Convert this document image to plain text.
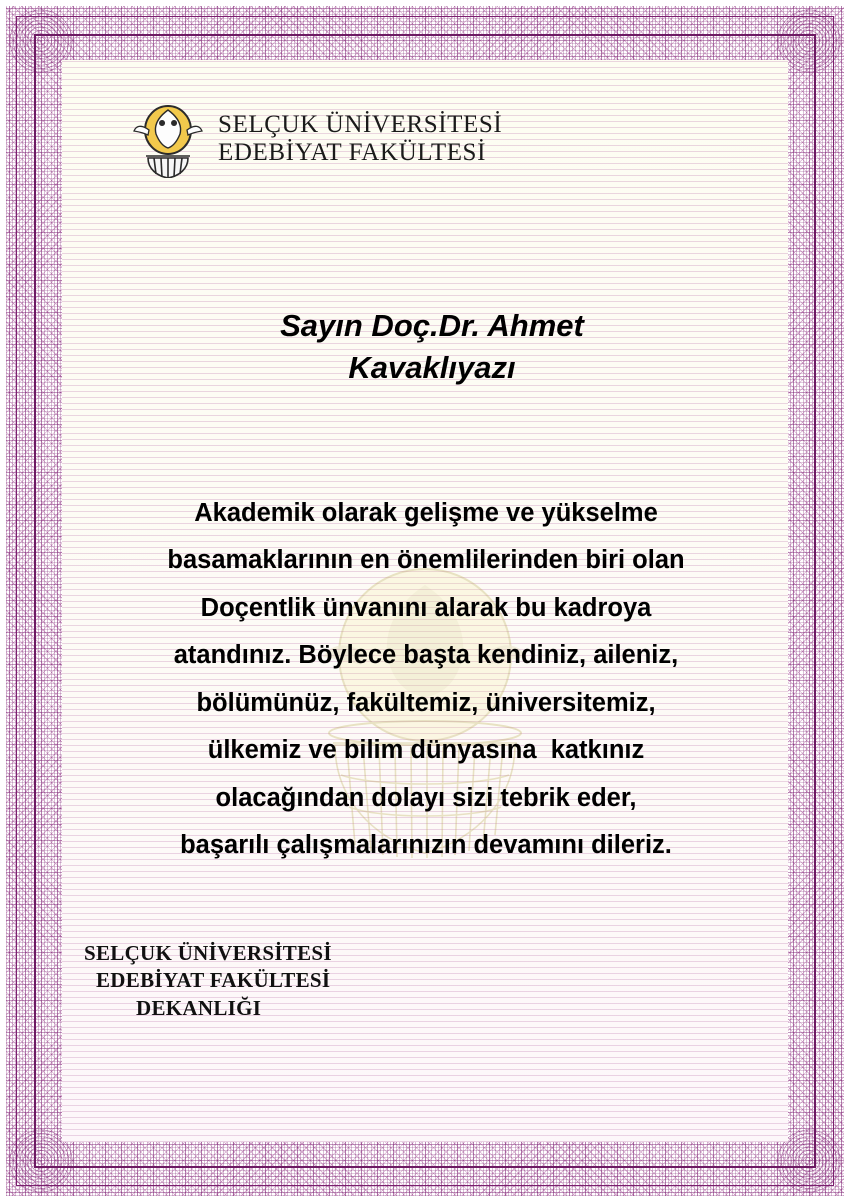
SELÇUK ÜNİVERSİTESİ
EDEBİYAT FAKÜLTESİ
Sayın Doç.Dr. Ahmet
Kavaklıyazı
Akademik olarak gelişme ve yükselme
basamaklarının en önemlilerinden biri olan
Doçentlik ünvanını alarak bu kadroya
atandınız. Böylece başta kendiniz, aileniz,
bölümünüz, fakültemiz, üniversitemiz,
ülkemiz ve bilim dünyasına  katkınız
olacağından dolayı sizi tebrik eder,
başarılı çalışmalarınızın devamını dileriz.
SELÇUK ÜNİVERSİTESİ
EDEBİYAT FAKÜLTESİ
DEKANLIĞI
